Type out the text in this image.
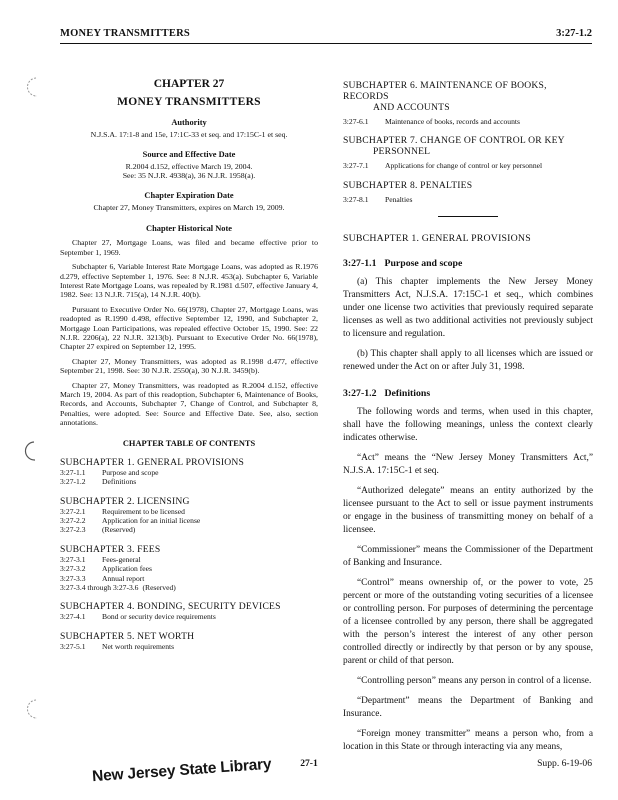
MONEY TRANSMITTERS	3:27-1.2
CHAPTER 27
MONEY TRANSMITTERS
Authority
N.J.S.A. 17:1-8 and 15e, 17:1C-33 et seq. and 17:15C-1 et seq.
Source and Effective Date
R.2004 d.152, effective March 19, 2004.
See: 35 N.J.R. 4938(a), 36 N.J.R. 1958(a).
Chapter Expiration Date
Chapter 27, Money Transmitters, expires on March 19, 2009.
Chapter Historical Note

Chapter 27, Mortgage Loans, was filed and became effective prior to September 1, 1969.

Subchapter 6, Variable Interest Rate Mortgage Loans, was adopted as R.1976 d.279, effective September 1, 1976. See: 8 N.J.R. 453(a). Subchapter 6, Variable Interest Rate Mortgage Loans, was repealed by R.1981 d.507, effective January 4, 1982. See: 13 N.J.R. 715(a), 14 N.J.R. 40(b).

Pursuant to Executive Order No. 66(1978), Chapter 27, Mortgage Loans, was readopted as R.1990 d.498, effective September 12, 1990, and Subchapter 2, Mortgage Loan Participations, was repealed effective October 15, 1990. See: 22 N.J.R. 2206(a), 22 N.J.R. 3213(b). Pursuant to Executive Order No. 66(1978), Chapter 27 expired on September 12, 1995.

Chapter 27, Money Transmitters, was adopted as R.1998 d.477, effective September 21, 1998. See: 30 N.J.R. 2550(a), 30 N.J.R. 3459(b).

Chapter 27, Money Transmitters, was readopted as R.2004 d.152, effective March 19, 2004. As part of this readoption, Subchapter 6, Maintenance of Books, Records, and Accounts, Subchapter 7, Change of Control, and Subchapter 8, Penalties, were adopted. See: Source and Effective Date. See, also, section annotations.

CHAPTER TABLE OF CONTENTS
SUBCHAPTER 1. GENERAL PROVISIONS
3:27-1.1	Purpose and scope
3:27-1.2	Definitions
SUBCHAPTER 2. LICENSING
3:27-2.1	Requirement to be licensed
3:27-2.2	Application for an initial license
3:27-2.3	(Reserved)
SUBCHAPTER 3. FEES
3:27-3.1	Fees-general
3:27-3.2	Application fees
3:27-3.3	Annual report
3:27-3.4 through 3:27-3.6 (Reserved)
SUBCHAPTER 4. BONDING, SECURITY DEVICES
3:27-4.1	Bond or security device requirements
SUBCHAPTER 5. NET WORTH
3:27-5.1	Net worth requirements
SUBCHAPTER 6. MAINTENANCE OF BOOKS, RECORDS
AND ACCOUNTS
3:27-6.1	Maintenance of books, records and accounts
SUBCHAPTER 7. CHANGE OF CONTROL OR KEY
PERSONNEL
3:27-7.1	Applications for change of control or key personnel
SUBCHAPTER 8. PENALTIES
3:27-8.1	Penalties
SUBCHAPTER 1. GENERAL PROVISIONS
3:27-1.1 Purpose and scope

(a) This chapter implements the New Jersey Money Transmitters Act, N.J.S.A. 17:15C-1 et seq., which combines under one license two activities that previously required separate licenses as well as two additional activities not previously subject to licensure and regulation.

(b) This chapter shall apply to all licenses which are issued or renewed under the Act on or after July 31, 1998.

3:27-1.2 Definitions

The following words and terms, when used in this chapter, shall have the following meanings, unless the context clearly indicates otherwise.

“Act” means the “New Jersey Money Transmitters Act,” N.J.S.A. 17:15C-1 et seq.

“Authorized delegate” means an entity authorized by the licensee pursuant to the Act to sell or issue payment instruments or engage in the business of transmitting money on behalf of a licensee.

“Commissioner” means the Commissioner of the Department of Banking and Insurance.

“Control” means ownership of, or the power to vote, 25 percent or more of the outstanding voting securities of a licensee or controlling person. For purposes of determining the percentage of a licensee controlled by any person, there shall be aggregated with the person’s interest the interest of any other person controlled directly or indirectly by that person or by any spouse, parent or child of that person.

“Controlling person” means any person in control of a license.

“Department” means the Department of Banking and Insurance.

“Foreign money transmitter” means a person who, from a location in this State or through interacting via any means,

27-1	Supp. 6-19-06
New Jersey State Library
